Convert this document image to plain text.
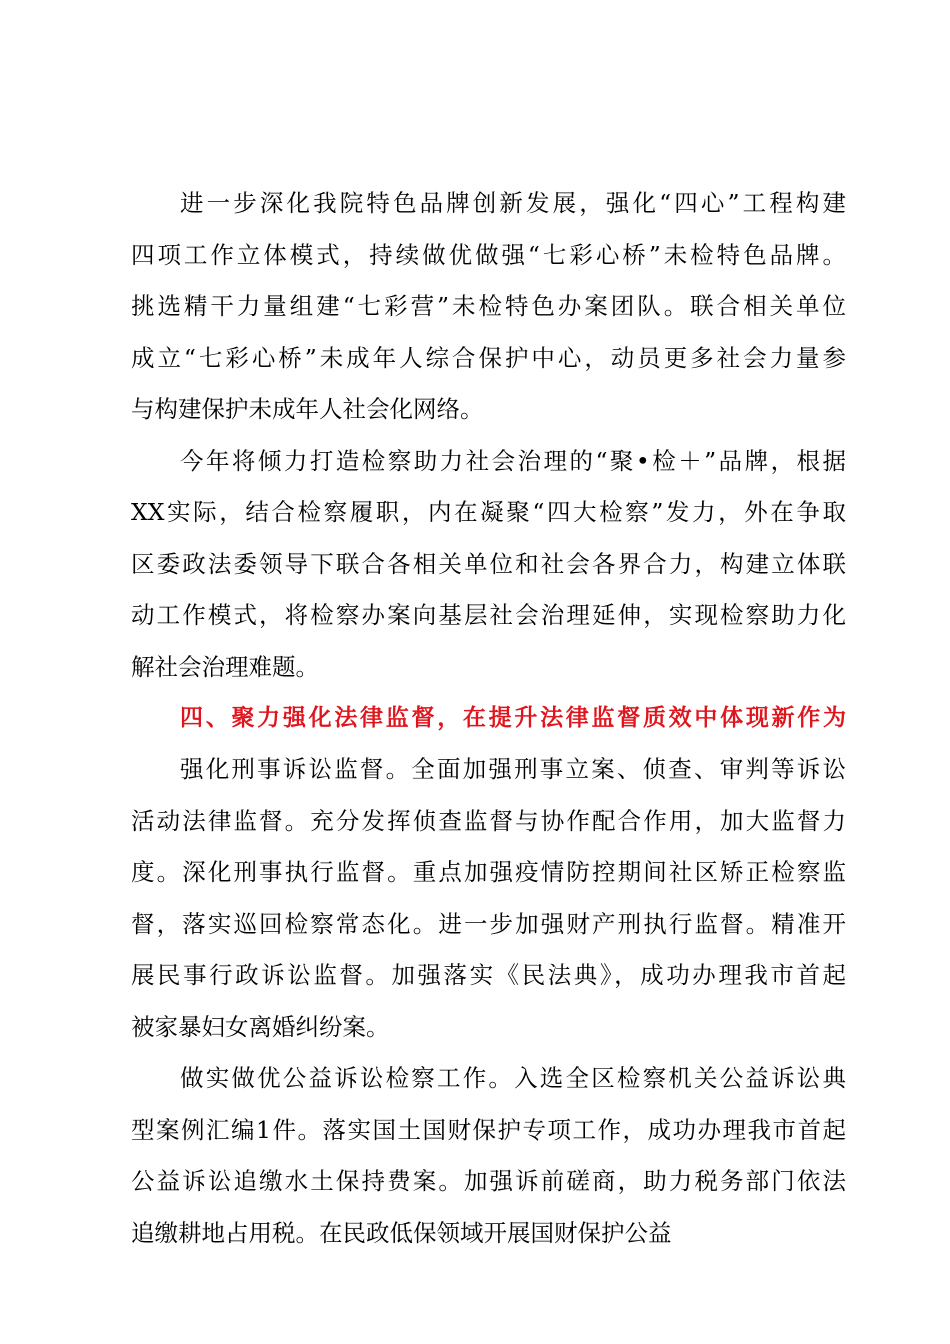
进一步深化我院特色品牌创新发展，强化“四心”工程构建
四项工作立体模式，持续做优做强“七彩心桥”未检特色品牌。
挑选精干力量组建“七彩营”未检特色办案团队。联合相关单位
成立“七彩心桥”未成年人综合保护中心，动员更多社会力量参
与构建保护未成年人社会化网络。
今年将倾力打造检察助力社会治理的“聚•检＋”品牌，根据
XX实际，结合检察履职，内在凝聚“四大检察”发力，外在争取
区委政法委领导下联合各相关单位和社会各界合力，构建立体联
动工作模式，将检察办案向基层社会治理延伸，实现检察助力化
解社会治理难题。
四、聚力强化法律监督，在提升法律监督质效中体现新作为
强化刑事诉讼监督。全面加强刑事立案、侦查、审判等诉讼
活动法律监督。充分发挥侦查监督与协作配合作用，加大监督力
度。深化刑事执行监督。重点加强疫情防控期间社区矫正检察监
督，落实巡回检察常态化。进一步加强财产刑执行监督。精准开
展民事行政诉讼监督。加强落实《民法典》，成功办理我市首起
被家暴妇女离婚纠纷案。
做实做优公益诉讼检察工作。入选全区检察机关公益诉讼典
型案例汇编1件。落实国土国财保护专项工作，成功办理我市首起
公益诉讼追缴水土保持费案。加强诉前磋商，助力税务部门依法
追缴耕地占用税。在民政低保领域开展国财保护公益
